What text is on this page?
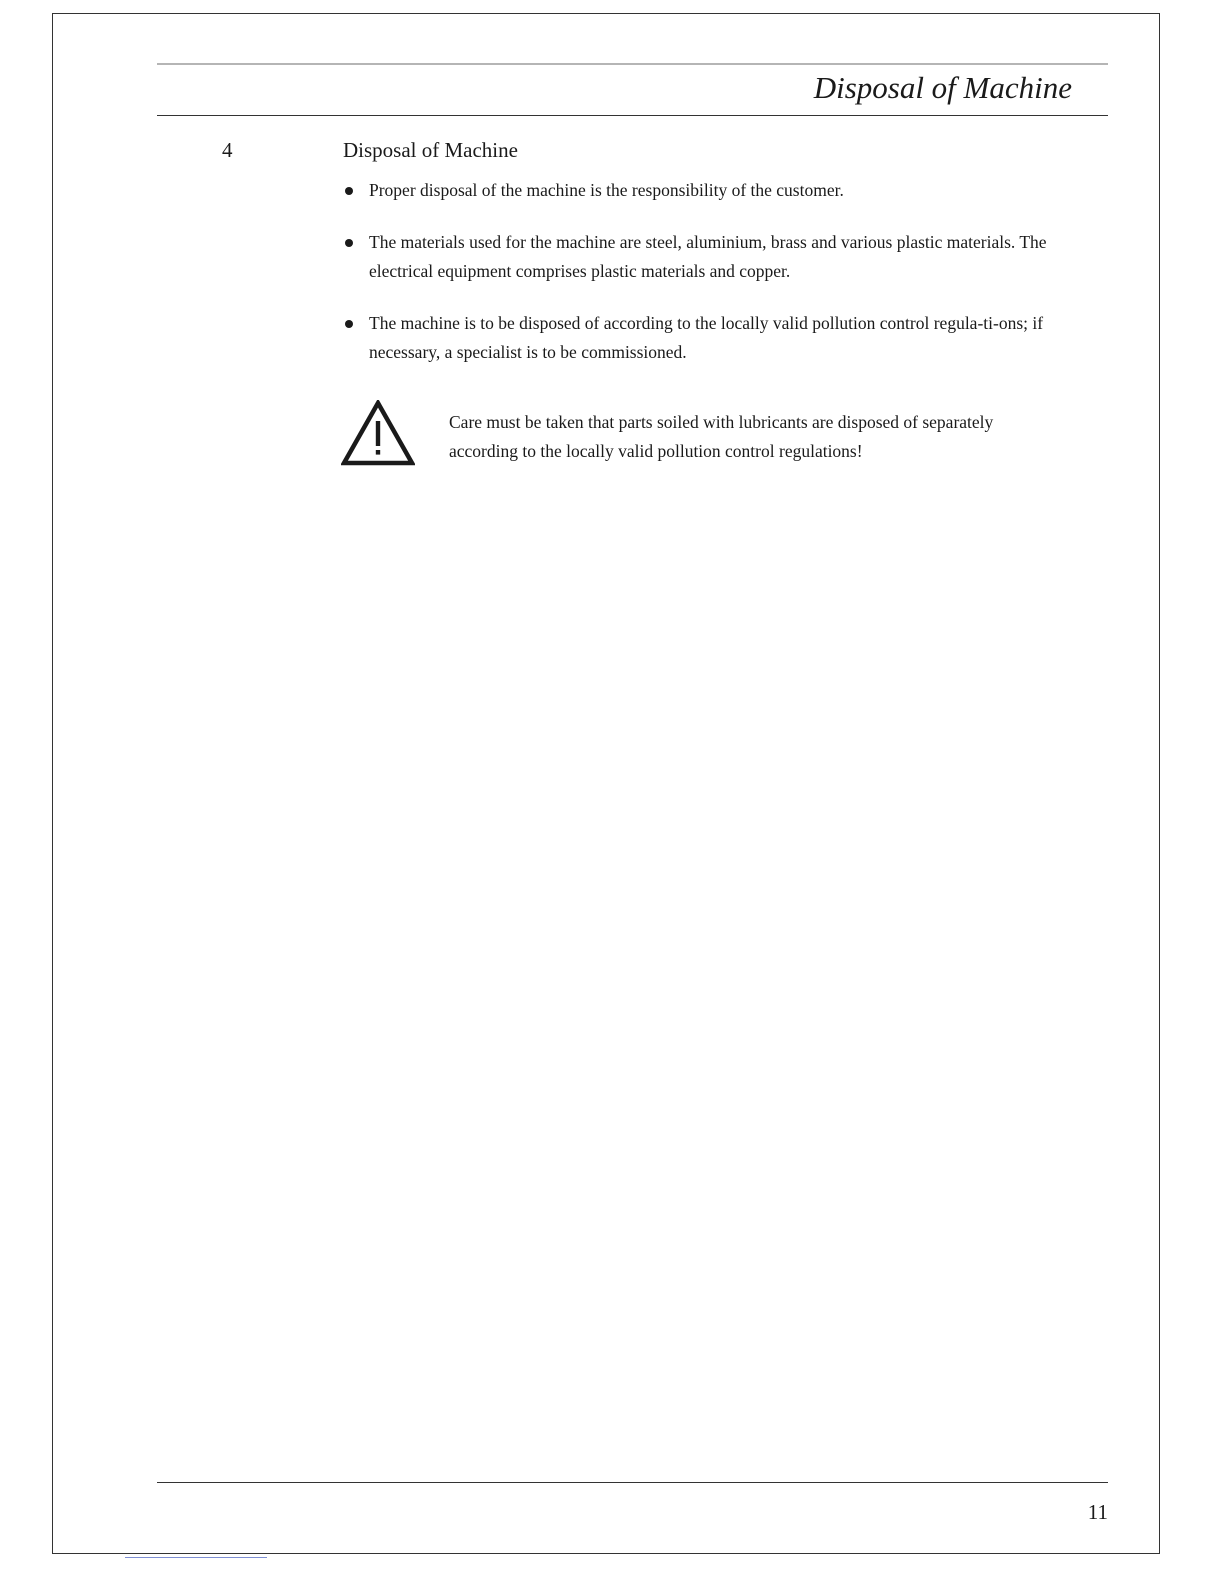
Disposal of Machine
4	Disposal of Machine
Proper disposal of the machine is the responsibility of the customer.
The materials used for the machine are steel, aluminium, brass and various plastic materials. The electrical equipment comprises plastic materials and copper.
The machine is to be disposed of according to the locally valid pollution control regula-ti-ons; if necessary, a specialist is to be commissioned.
Care must be taken that parts soiled with lubricants are disposed of separately according to the locally valid pollution control regulations!
11
